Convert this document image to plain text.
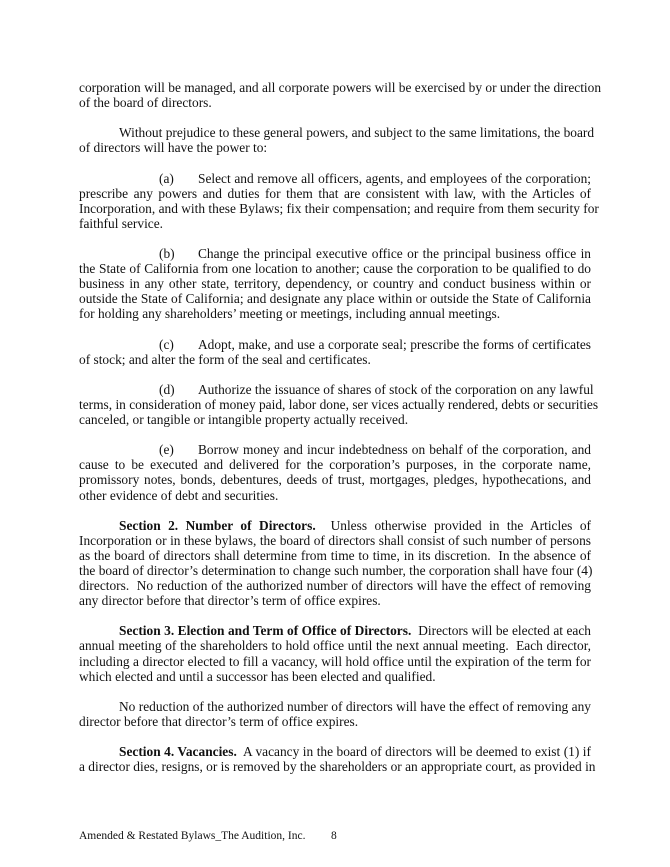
corporation will be managed, and all corporate powers will be exercised by or under the direction
of the board of directors.
Without prejudice to these general powers, and subject to the same limitations, the board
of directors will have the power to:
(a) Select and remove all officers, agents, and employees of the corporation;
prescribe any powers and duties for them that are consistent with law, with the Articles of
Incorporation, and with these Bylaws; fix their compensation; and require from them security for
faithful service.
(b) Change the principal executive office or the principal business office in
the State of California from one location to another; cause the corporation to be qualified to do
business in any other state, territory, dependency, or country and conduct business within or
outside the State of California; and designate any place within or outside the State of California
for holding any shareholders’ meeting or meetings, including annual meetings.
(c) Adopt, make, and use a corporate seal; prescribe the forms of certificates
of stock; and alter the form of the seal and certificates.
(d) Authorize the issuance of shares of stock of the corporation on any lawful
terms, in consideration of money paid, labor done, ser vices actually rendered, debts or securities
canceled, or tangible or intangible property actually received.
(e) Borrow money and incur indebtedness on behalf of the corporation, and
cause to be executed and delivered for the corporation’s purposes, in the corporate name,
promissory notes, bonds, debentures, deeds of trust, mortgages, pledges, hypothecations, and
other evidence of debt and securities.
Section 2. Number of Directors.  Unless otherwise provided in the Articles of
Incorporation or in these bylaws, the board of directors shall consist of such number of persons
as the board of directors shall determine from time to time, in its discretion.  In the absence of
the board of director’s determination to change such number, the corporation shall have four (4)
directors.  No reduction of the authorized number of directors will have the effect of removing
any director before that director’s term of office expires.
Section 3. Election and Term of Office of Directors.  Directors will be elected at each
annual meeting of the shareholders to hold office until the next annual meeting.  Each director,
including a director elected to fill a vacancy, will hold office until the expiration of the term for
which elected and until a successor has been elected and qualified.
No reduction of the authorized number of directors will have the effect of removing any
director before that director’s term of office expires.
Section 4. Vacancies.  A vacancy in the board of directors will be deemed to exist (1) if
a director dies, resigns, or is removed by the shareholders or an appropriate court, as provided in
Amended & Restated Bylaws_The Audition, Inc. 8
